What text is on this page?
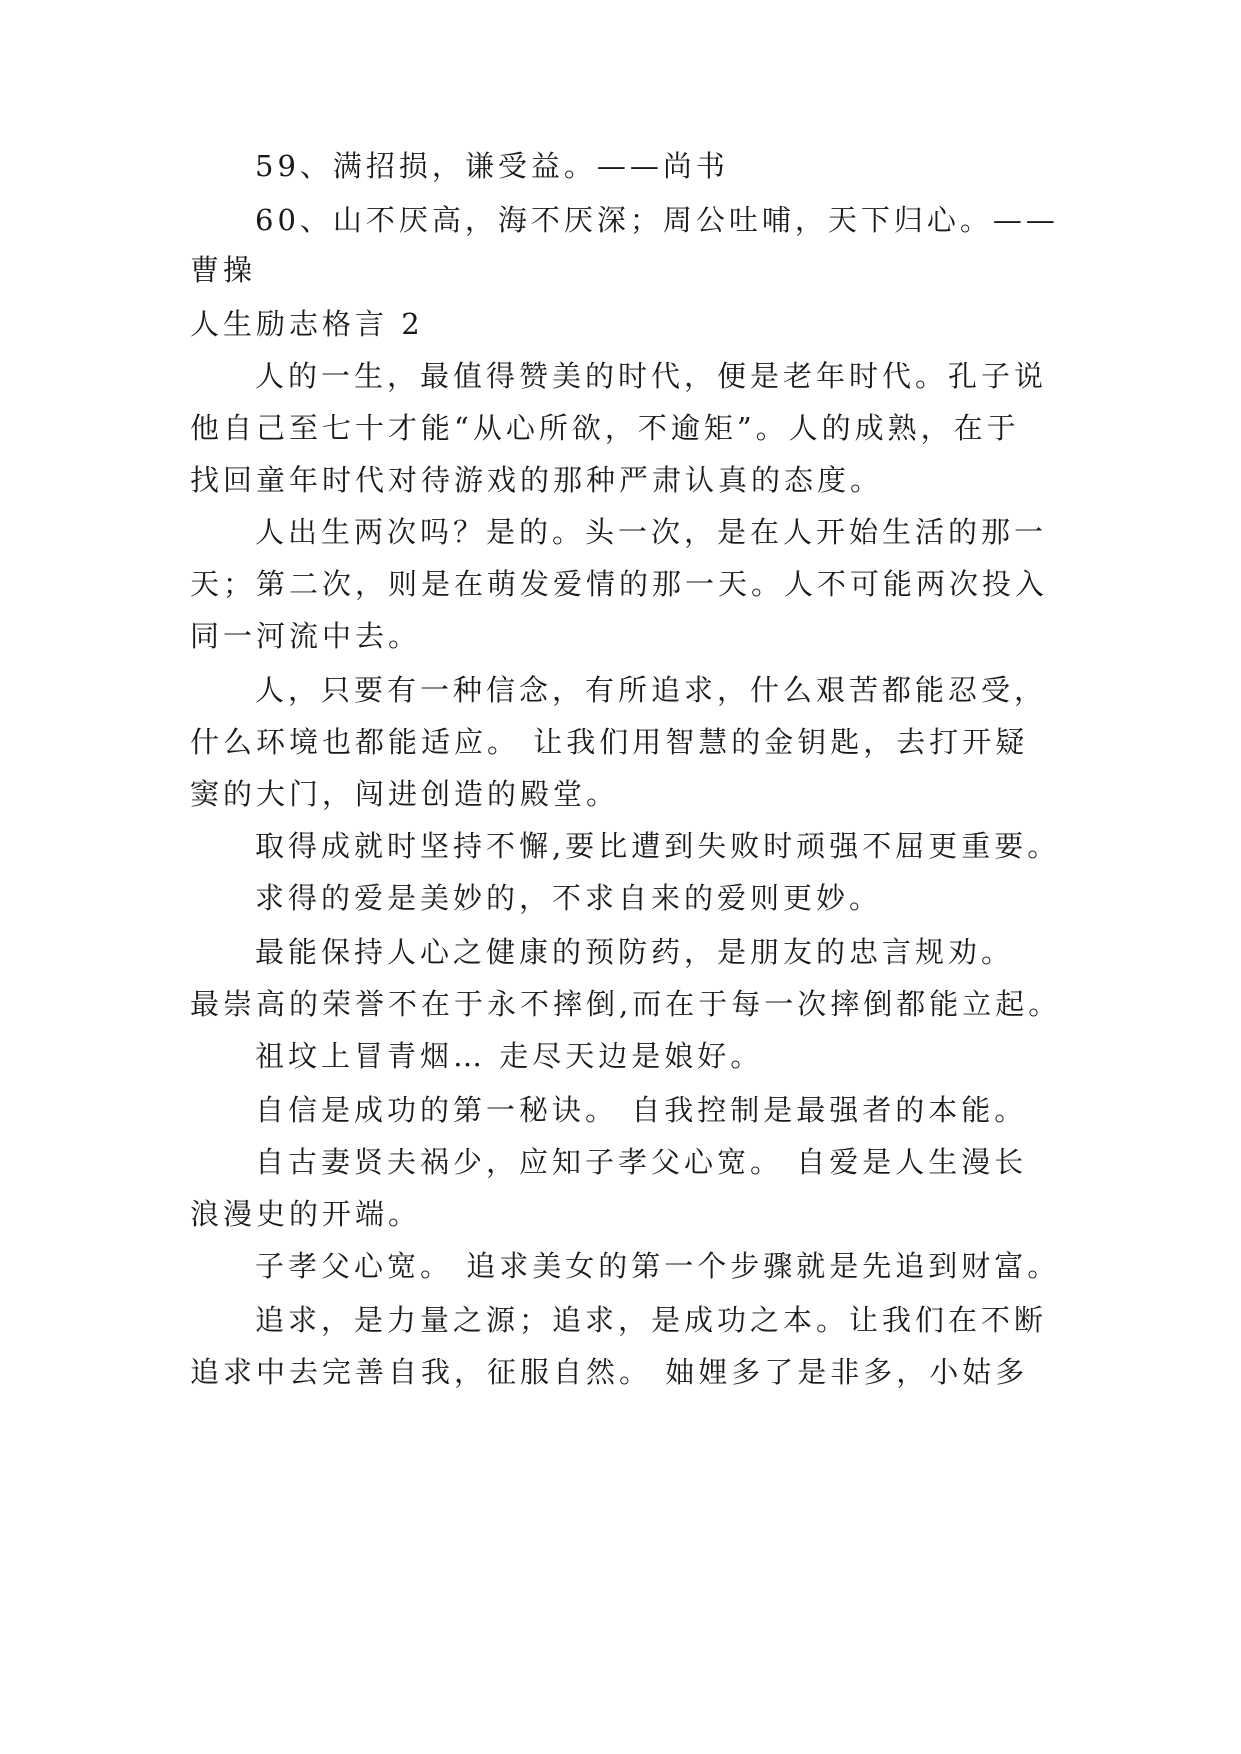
59、满招损，谦受益。——尚书
60、山不厌高，海不厌深；周公吐哺，天下归心。——
曹操
人生励志格言 2
人的一生，最值得赞美的时代，便是老年时代。孔子说
他自己至七十才能“从心所欲，不逾矩”。人的成熟，在于
找回童年时代对待游戏的那种严肃认真的态度。
人出生两次吗？是的。头一次，是在人开始生活的那一
天；第二次，则是在萌发爱情的那一天。人不可能两次投入
同一河流中去。
人，只要有一种信念，有所追求，什么艰苦都能忍受，
什么环境也都能适应。 让我们用智慧的金钥匙，去打开疑
窦的大门，闯进创造的殿堂。
取得成就时坚持不懈,要比遭到失败时顽强不屈更重要。
求得的爱是美妙的，不求自来的爱则更妙。
最能保持人心之健康的预防药，是朋友的忠言规劝。
最崇高的荣誉不在于永不摔倒,而在于每一次摔倒都能立起。
祖坟上冒青烟… 走尽天边是娘好。
自信是成功的第一秘诀。 自我控制是最强者的本能。
自古妻贤夫祸少，应知子孝父心宽。 自爱是人生漫长
浪漫史的开端。
子孝父心宽。 追求美女的第一个步骤就是先追到财富。
追求，是力量之源；追求，是成功之本。让我们在不断
追求中去完善自我，征服自然。 妯娌多了是非多，小姑多
